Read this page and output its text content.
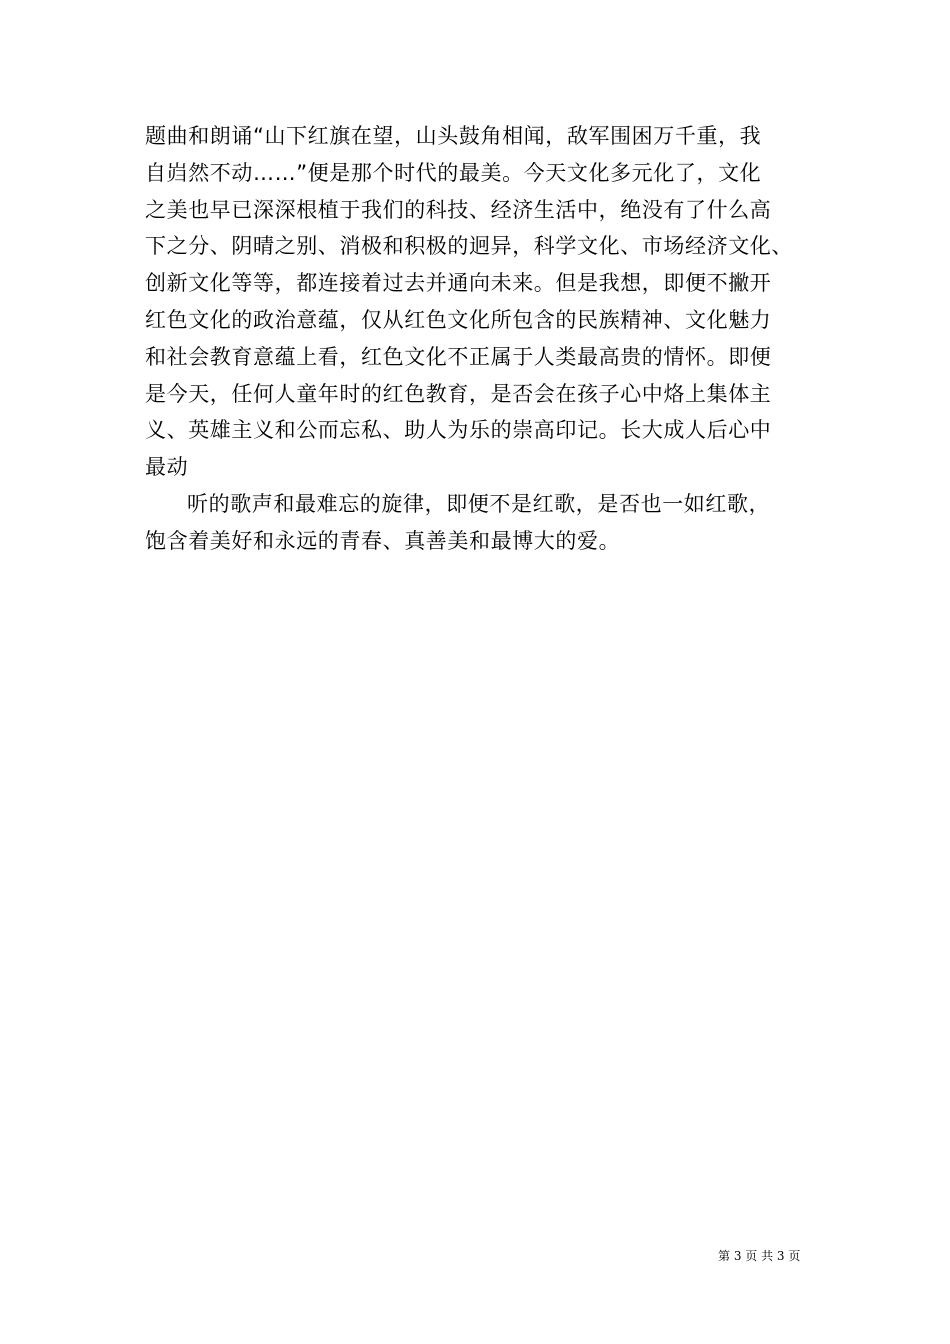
题曲和朗诵“山下红旗在望，山头鼓角相闻，敌军围困万千重，我
自岿然不动……”便是那个时代的最美。今天文化多元化了，文化
之美也早已深深根植于我们的科技、经济生活中，绝没有了什么高
下之分、阴晴之别、消极和积极的迥异，科学文化、市场经济文化、
创新文化等等，都连接着过去并通向未来。但是我想，即便不撇开
红色文化的政治意蕴，仅从红色文化所包含的民族精神、文化魅力
和社会教育意蕴上看，红色文化不正属于人类最高贵的情怀。即便
是今天，任何人童年时的红色教育，是否会在孩子心中烙上集体主
义、英雄主义和公而忘私、助人为乐的崇高印记。长大成人后心中
最动
听的歌声和最难忘的旋律，即便不是红歌，是否也一如红歌，
饱含着美好和永远的青春、真善美和最博大的爱。
第 3 页 共 3 页
